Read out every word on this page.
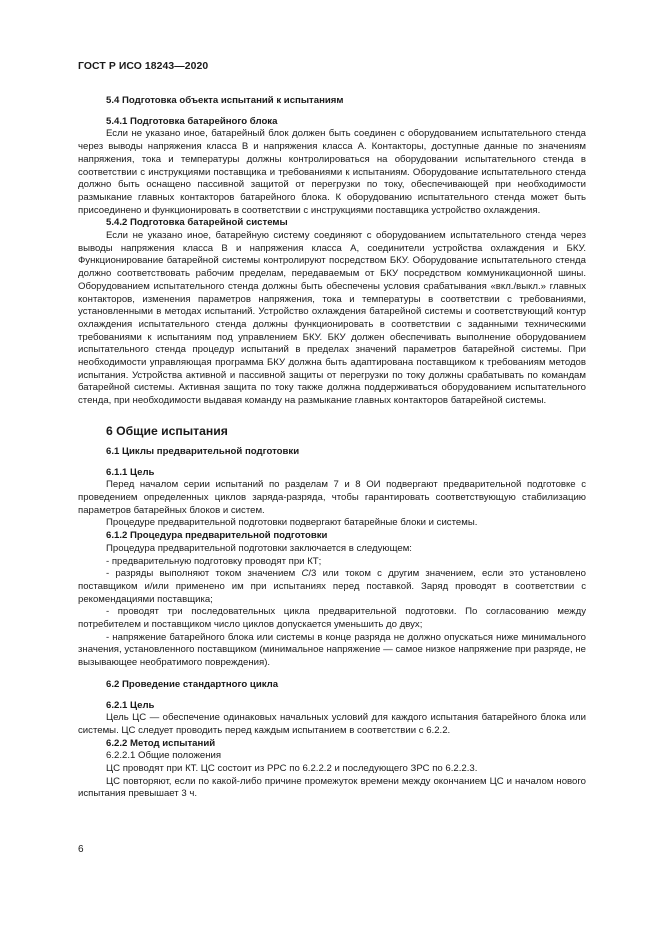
ГОСТ Р ИСО 18243—2020
5.4 Подготовка объекта испытаний к испытаниям
5.4.1 Подготовка батарейного блока

Если не указано иное, батарейный блок должен быть соединен с оборудованием испытательного стенда через выводы напряжения класса В и напряжения класса А. Контакторы, доступные данные по значениям напряжения, тока и температуры должны контролироваться на оборудовании испытательного стенда в соответствии с инструкциями поставщика и требованиями к испытаниям. Оборудование испытательного стенда должно быть оснащено пассивной защитой от перегрузки по току, обеспечивающей при необходимости размыкание главных контакторов батарейного блока. К оборудованию испытательного стенда может быть присоединено и функционировать в соответствии с инструкциями поставщика устройство охлаждения.

5.4.2 Подготовка батарейной системы

Если не указано иное, батарейную систему соединяют с оборудованием испытательного стенда через выводы напряжения класса В и напряжения класса А, соединители устройства охлаждения и БКУ. Функционирование батарейной системы контролируют посредством БКУ. Оборудование испытательного стенда должно соответствовать рабочим пределам, передаваемым от БКУ посредством коммуникационной шины. Оборудованием испытательного стенда должны быть обеспечены условия срабатывания «вкл./выкл.» главных контакторов, изменения параметров напряжения, тока и температуры в соответствии с требованиями, установленными в методах испытаний. Устройство охлаждения батарейной системы и соответствующий контур охлаждения испытательного стенда должны функционировать в соответствии с заданными техническими требованиями к испытаниям под управлением БКУ. БКУ должен обеспечивать выполнение оборудованием испытательного стенда процедур испытаний в пределах значений параметров батарейной системы. При необходимости управляющая программа БКУ должна быть адаптирована поставщиком к требованиям методов испытания. Устройства активной и пассивной защиты от перегрузки по току должны срабатывать по командам батарейной системы. Активная защита по току также должна поддерживаться оборудованием испытательного стенда, при необходимости выдавая команду на размыкание главных контакторов батарейной системы.

6 Общие испытания
6.1 Циклы предварительной подготовки
6.1.1 Цель

Перед началом серии испытаний по разделам 7 и 8 ОИ подвергают предварительной подготовке с проведением определенных циклов заряда-разряда, чтобы гарантировать соответствующую стабилизацию параметров батарейных блоков и систем.

Процедуре предварительной подготовки подвергают батарейные блоки и системы.

6.1.2 Процедура предварительной подготовки

Процедура предварительной подготовки заключается в следующем:

- предварительную подготовку проводят при КТ;

- разряды выполняют током значением C/3 или током с другим значением, если это установлено поставщиком и/или применено им при испытаниях перед поставкой. Заряд проводят в соответствии с рекомендациями поставщика;

- проводят три последовательных цикла предварительной подготовки. По согласованию между потребителем и поставщиком число циклов допускается уменьшить до двух;

- напряжение батарейного блока или системы в конце разряда не должно опускаться ниже минимального значения, установленного поставщиком (минимальное напряжение — самое низкое напряжение при разряде, не вызывающее необратимого повреждения).

6.2 Проведение стандартного цикла
6.2.1 Цель

Цель ЦС — обеспечение одинаковых начальных условий для каждого испытания батарейного блока или системы. ЦС следует проводить перед каждым испытанием в соответствии с 6.2.2.

6.2.2 Метод испытаний
6.2.2.1 Общие положения

ЦС проводят при КТ. ЦС состоит из РРС по 6.2.2.2 и последующего ЗРС по 6.2.2.3.

ЦС повторяют, если по какой-либо причине промежуток времени между окончанием ЦС и началом нового испытания превышает 3 ч.

6
